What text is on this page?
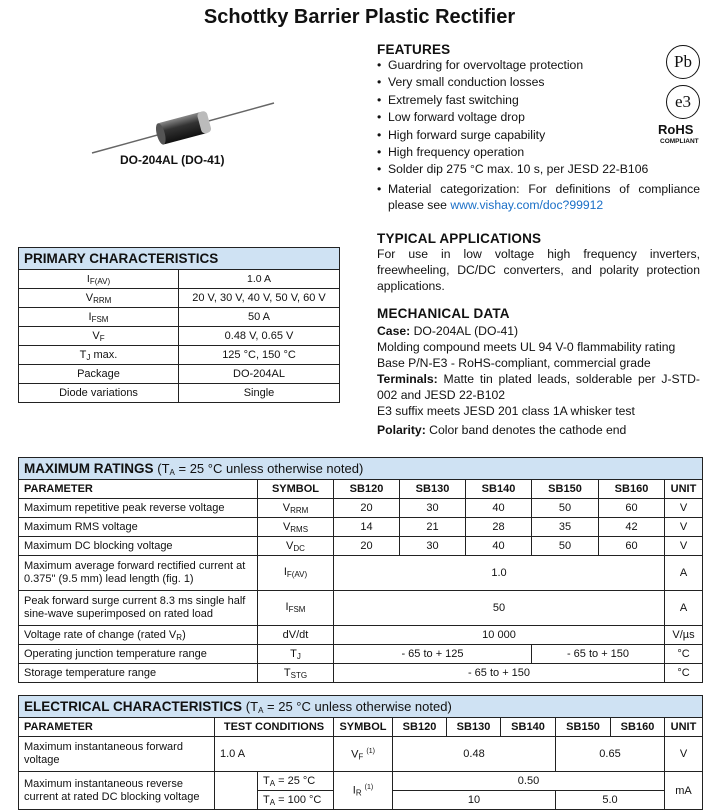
Schottky Barrier Plastic Rectifier
DO-204AL (DO-41)
Pb
e3
RoHS
COMPLIANT
FEATURES
• Guardring for overvoltage protection
• Very small conduction losses
• Extremely fast switching
• Low forward voltage drop
• High forward surge capability
• High frequency operation
• Solder dip 275 °C max. 10 s, per JESD 22-B106
• Material categorization: For definitions of compliance please see www.vishay.com/doc?99912
TYPICAL APPLICATIONS

For use in low voltage high frequency inverters, freewheeling, DC/DC converters, and polarity protection applications.

MECHANICAL DATA

Case: DO-204AL (DO-41)

Molding compound meets UL 94 V-0 flammability rating

Base P/N-E3 - RoHS-compliant, commercial grade

Terminals: Matte tin plated leads, solderable per J-STD-002 and JESD 22-B102

E3 suffix meets JESD 201 class 1A whisker test

Polarity: Color band denotes the cathode end

PRIMARY CHARACTERISTICS	
$I_{F(AV)}$	1.0 A
$V_{RRM}$	20 V, 30 V, 40 V, 50 V, 60 V
$I_{FSM}$	50 A
$V_F$	0.48 V, 0.65 V
$T_J$ max.	125 °C, 150 °C
Package	DO-204AL
Diode variations	Single
MAXIMUM RATINGS ($T_A = 25$ °C unless otherwise noted)							
PARAMETER	SYMBOL	SB120	SB130	SB140	SB150	SB160	UNIT
Maximum repetitive peak reverse voltage	$V_{RRM}$	20	30	40	50	60	V
Maximum RMS voltage	$V_{RMS}$	14	21	28	35	42	V
Maximum DC blocking voltage	$V_{DC}$	20	30	40	50	60	V
Maximum average forward rectified current at 0.375" (9.5 mm) lead length (fig. 1)	$I_{F(AV)}$	1.0					A
Peak forward surge current 8.3 ms single half sine-wave superimposed on rated load	$I_{FSM}$	50					A
Voltage rate of change (rated $V_R$)	dV/dt	10 000					V/µs
Operating junction temperature range	$T_J$	- 65 to + 125			- 65 to + 150		°C
Storage temperature range	$T_{STG}$	- 65 to + 150					°C
ELECTRICAL CHARACTERISTICS ($T_A = 25$ °C unless otherwise noted)									
PARAMETER	TEST CONDITIONS		SYMBOL	SB120	SB130	SB140	SB150	SB160	UNIT
Maximum instantaneous forward voltage	1.0 A		$V_F$ $^{(1)}$	0.48			0.65		V
Maximum instantaneous reverse current at rated DC blocking voltage		$T_A = 25$ °C	$I_R$ $^{(1)}$	0.50					mA
		$T_A = 100$ °C		10			5.0		
